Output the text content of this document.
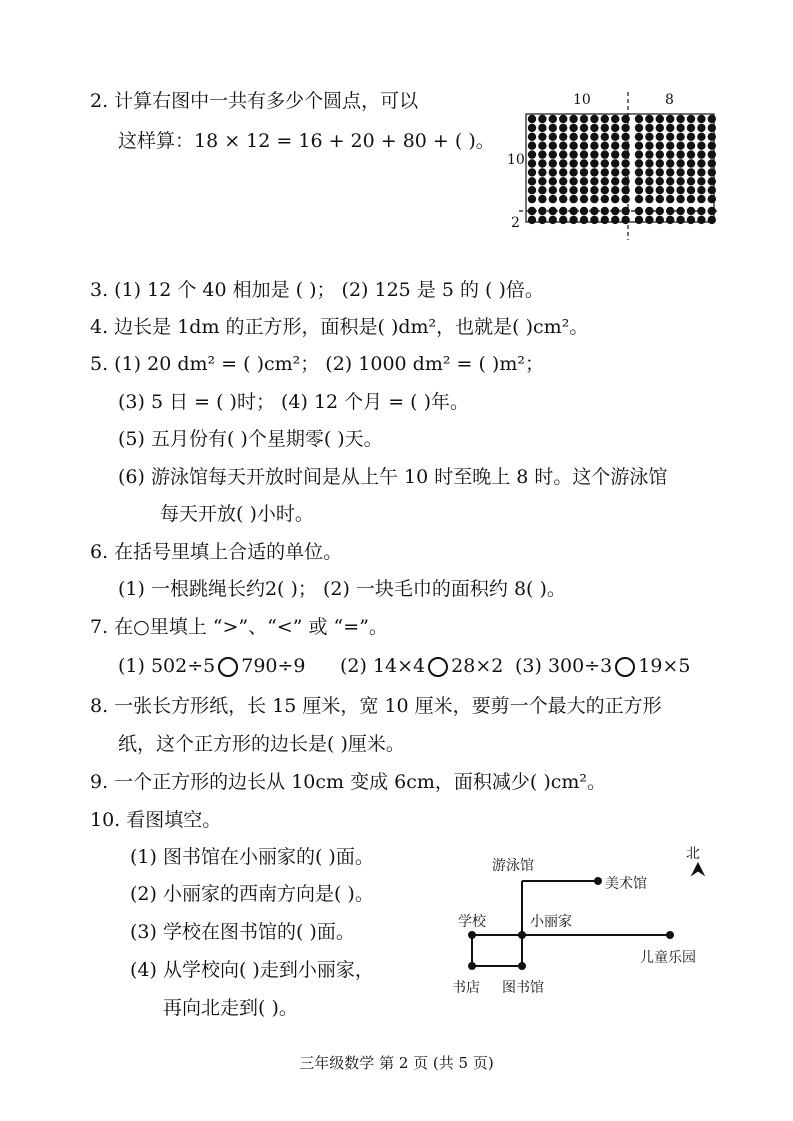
2. 计算右图中一共有多少个圆点，可以
这样算：18 × 12 = 16 + 20 + 80 + ( )。
10	8
10
2
3. (1) 12 个 40 相加是 ( )； (2) 125 是 5 的 ( )倍。
4. 边长是 1dm 的正方形，面积是( )dm²，也就是( )cm²。
5. (1) 20 dm² = ( )cm²； (2) 1000 dm² = ( )m²；
(3) 5 日 = ( )时； (4) 12 个月 = ( )年。
(5) 五月份有( )个星期零( )天。
(6) 游泳馆每天开放时间是从上午 10 时至晚上 8 时。这个游泳馆
每天开放( )小时。
6. 在括号里填上合适的单位。
(1) 一根跳绳长约2( )； (2) 一块毛巾的面积约 8( )。
7. 在○里填上 “>”、“<” 或 “=”。
(1) 502÷5 790÷9 (2) 14×4 28×2 (3) 300÷3 19×5
8. 一张长方形纸，长 15 厘米，宽 10 厘米，要剪一个最大的正方形
纸，这个正方形的边长是( )厘米。
9. 一个正方形的边长从 10cm 变成 6cm，面积减少( )cm²。
10. 看图填空。
(1) 图书馆在小丽家的( )面。
(2) 小丽家的西南方向是( )。
(3) 学校在图书馆的( )面。
(4) 从学校向( )走到小丽家，
再向北走到( )。
游泳馆
美术馆
学校	小丽家
儿童乐园
书店 图书馆
北
三年级数学 第 2 页 (共 5 页)
